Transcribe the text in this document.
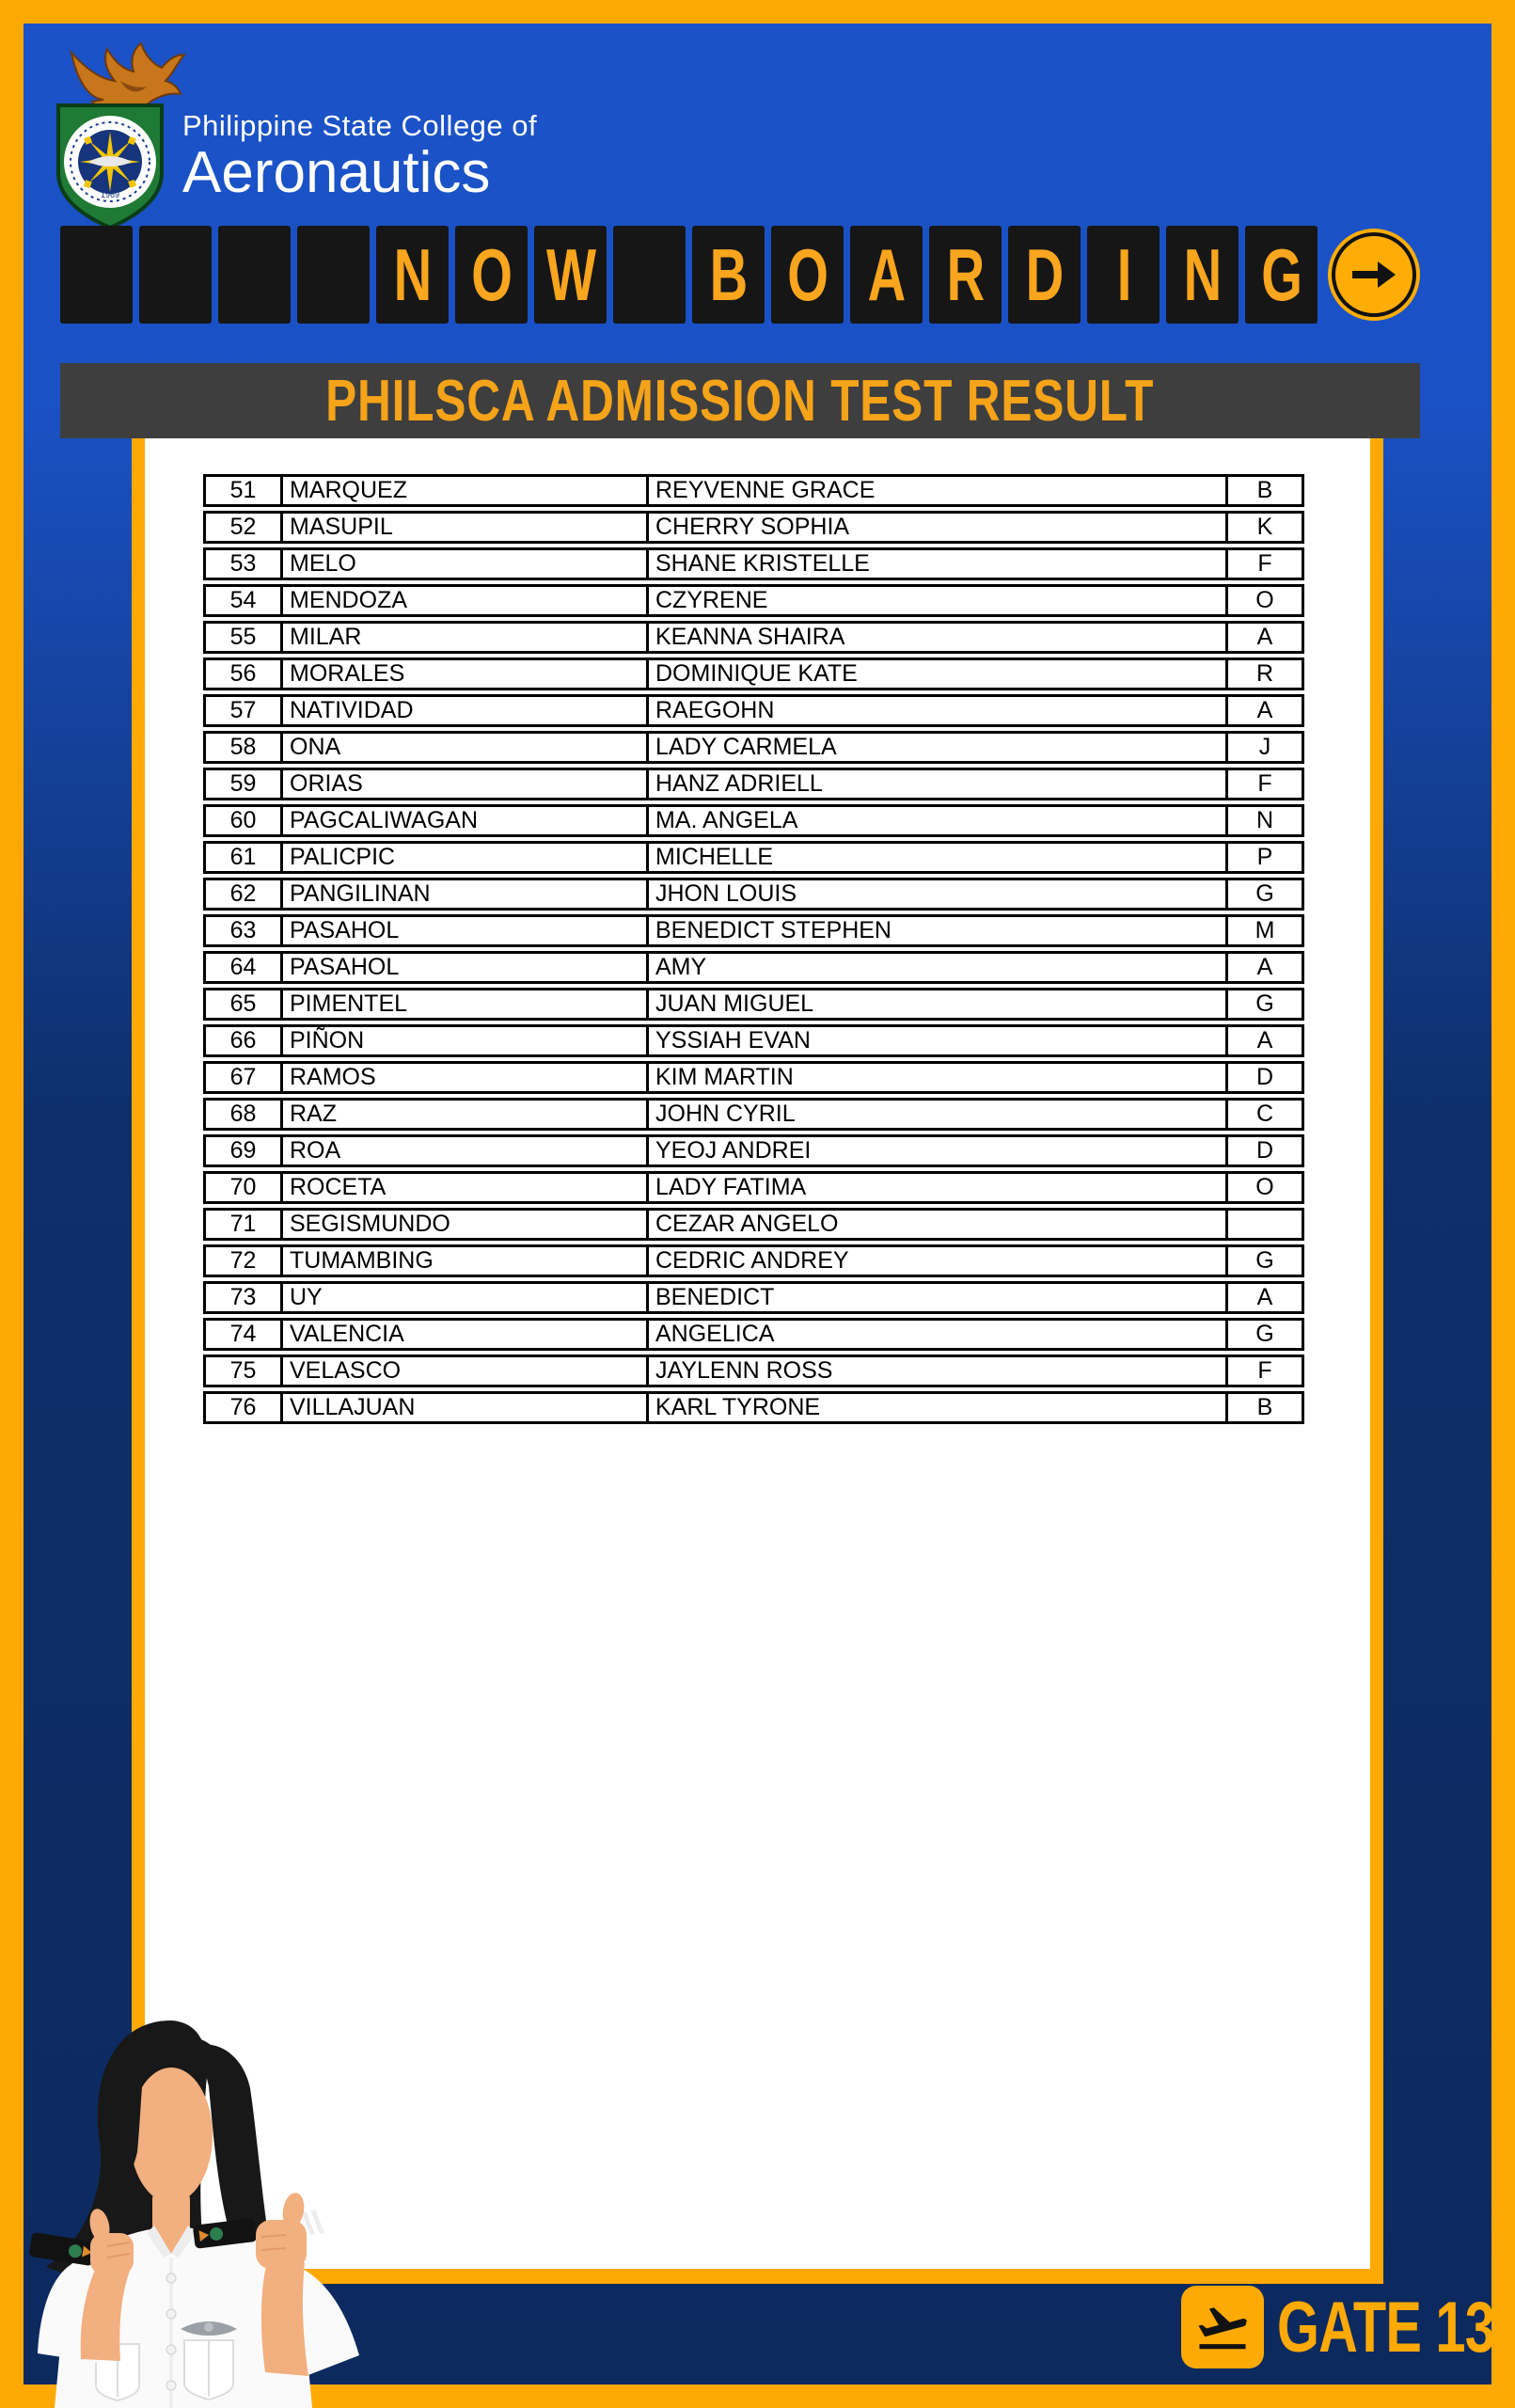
1969
Philippine State College of
Aeronautics
N O W B O A R D I N G
PHILSCA ADMISSION TEST RESULT
51	MARQUEZ	REYVENNE GRACE	B
52	MASUPIL	CHERRY SOPHIA	K
53	MELO	SHANE KRISTELLE	F
54	MENDOZA	CZYRENE	O
55	MILAR	KEANNA SHAIRA	A
56	MORALES	DOMINIQUE KATE	R
57	NATIVIDAD	RAEGOHN	A
58	ONA	LADY CARMELA	J
59	ORIAS	HANZ ADRIELL	F
60	PAGCALIWAGAN	MA. ANGELA	N
61	PALICPIC	MICHELLE	P
62	PANGILINAN	JHON LOUIS	G
63	PASAHOL	BENEDICT STEPHEN	M
64	PASAHOL	AMY	A
65	PIMENTEL	JUAN MIGUEL	G
66	PIÑON	YSSIAH EVAN	A
67	RAMOS	KIM MARTIN	D
68	RAZ	JOHN CYRIL	C
69	ROA	YEOJ ANDREI	D
70	ROCETA	LADY FATIMA	O
71	SEGISMUNDO	CEZAR ANGELO
72	TUMAMBING	CEDRIC ANDREY	G
73	UY	BENEDICT	A
74	VALENCIA	ANGELICA	G
75	VELASCO	JAYLENN ROSS	F
76	VILLAJUAN	KARL TYRONE	B
GATE 13
